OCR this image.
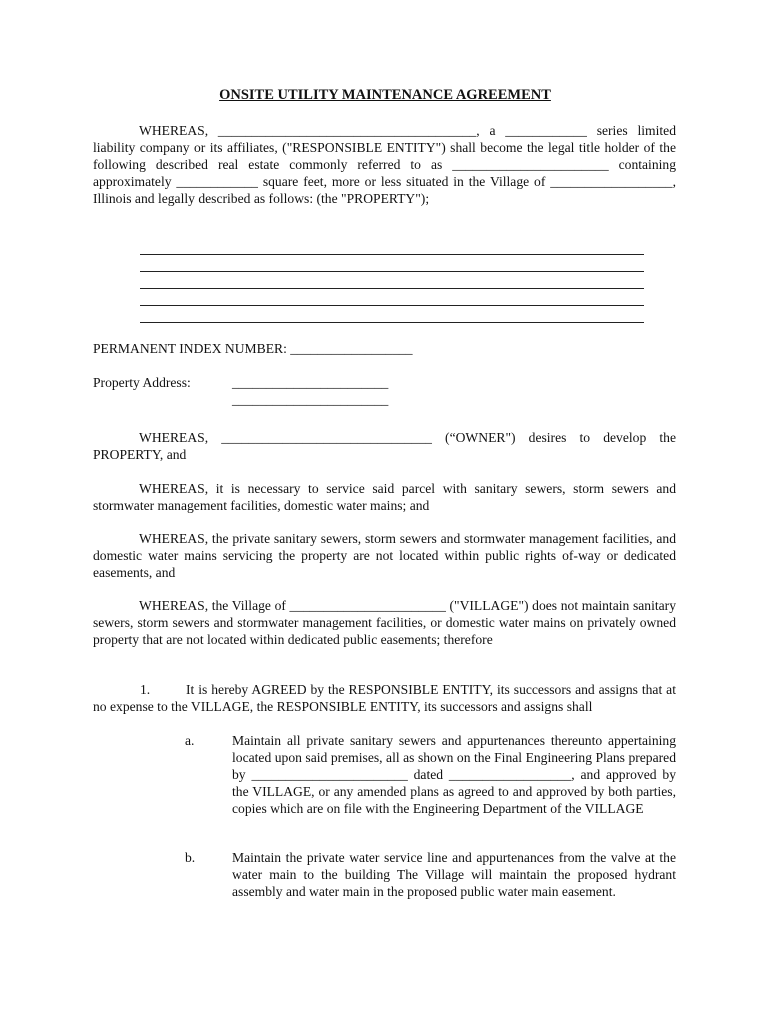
ONSITE UTILITY MAINTENANCE AGREEMENT
WHEREAS, ______________________________________, a ____________ series limited liability company or its affiliates, ("RESPONSIBLE ENTITY") shall become the legal title holder of the following described real estate commonly referred to as _______________________ containing approximately ____________ square feet, more or less situated in the Village of __________________, Illinois and legally described as follows: (the "PROPERTY");
PERMANENT INDEX NUMBER: __________________
Property Address:	_______________________
_______________________
WHEREAS, _______________________________ (“OWNER") desires to develop the PROPERTY, and
WHEREAS, it is necessary to service said parcel with sanitary sewers, storm sewers and stormwater management facilities, domestic water mains; and
WHEREAS, the private sanitary sewers, storm sewers and stormwater management facilities, and domestic water mains servicing the property are not located within public rights of-way or dedicated easements, and
WHEREAS, the Village of _______________________ ("VILLAGE") does not maintain sanitary sewers, storm sewers and stormwater management facilities, or domestic water mains on privately owned property that are not located within dedicated public easements; therefore
1.	It is hereby AGREED by the RESPONSIBLE ENTITY, its successors and assigns that at no expense to the VILLAGE, the RESPONSIBLE ENTITY, its successors and assigns shall
a.	Maintain all private sanitary sewers and appurtenances thereunto appertaining located upon said premises, all as shown on the Final Engineering Plans prepared by _______________________ dated __________________, and approved by the VILLAGE, or any amended plans as agreed to and approved by both parties, copies which are on file with the Engineering Department of the VILLAGE
b.	Maintain the private water service line and appurtenances from the valve at the water main to the building The Village will maintain the proposed hydrant assembly and water main in the proposed public water main easement.
